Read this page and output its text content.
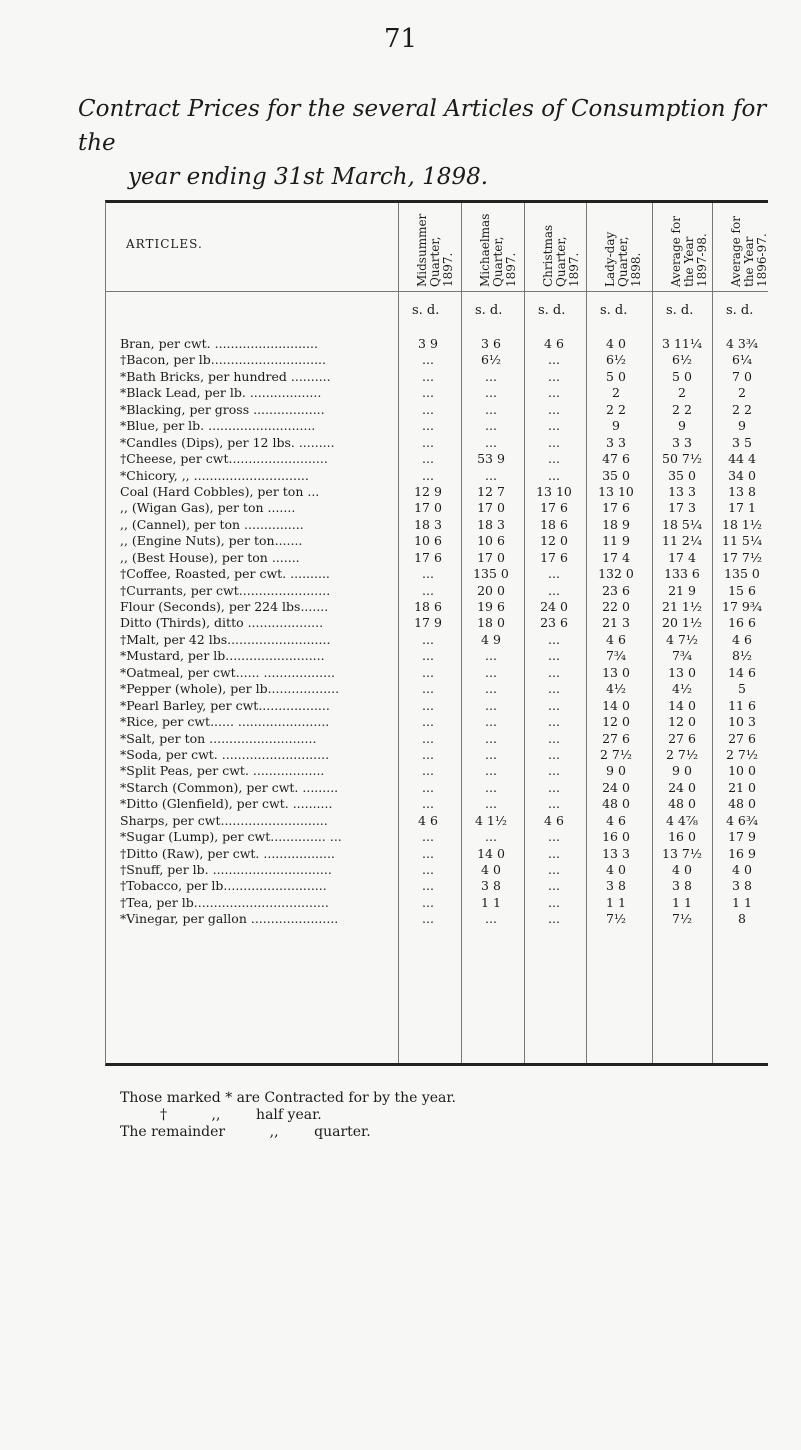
71
Contract Prices for the several Articles of Consumption for the
year ending 31st March, 1898.
ARTICLES.
s. d.	s. d.	s. d.	s. d.	s. d.	s. d.
Bran, per cwt. ..........................	3 9	3 6	4 6	4 0	3 11¼	4 3¾
†Bacon, per lb.............................	...	6½	...	6½	6½	6¼
*Bath Bricks, per hundred ..........	...	...	...	5 0	5 0	7 0
*Black Lead, per lb. ..................	...	...	...	2	2	2
*Blacking, per gross ..................	...	...	...	2 2	2 2	2 2
*Blue, per lb. ...........................	...	...	...	9	9	9
*Candles (Dips), per 12 lbs. .........	...	...	...	3 3	3 3	3 5
†Cheese, per cwt.........................	...	53 9	...	47 6	50 7½	44 4
*Chicory, ,, .............................	...	...	...	35 0	35 0	34 0
Coal (Hard Cobbles), per ton ...	12 9	12 7	13 10	13 10	13 3	13 8
,, (Wigan Gas), per ton .......	17 0	17 0	17 6	17 6	17 3	17 1
,, (Cannel), per ton ...............	18 3	18 3	18 6	18 9	18 5¼	18 1½
,, (Engine Nuts), per ton.......	10 6	10 6	12 0	11 9	11 2¼	11 5¼
,, (Best House), per ton .......	17 6	17 0	17 6	17 4	17 4	17 7½
†Coffee, Roasted, per cwt. ..........	...	135 0	...	132 0	133 6	135 0
†Currants, per cwt.......................	...	20 0	...	23 6	21 9	15 6
Flour (Seconds), per 224 lbs.......	18 6	19 6	24 0	22 0	21 1½	17 9¾
Ditto (Thirds), ditto ...................	17 9	18 0	23 6	21 3	20 1½	16 6
†Malt, per 42 lbs..........................	...	4 9	...	4 6	4 7½	4 6
*Mustard, per lb.........................	...	...	...	7¾	7¾	8½
*Oatmeal, per cwt...... ..................	...	...	...	13 0	13 0	14 6
*Pepper (whole), per lb..................	...	...	...	4½	4½	5
*Pearl Barley, per cwt..................	...	...	...	14 0	14 0	11 6
*Rice, per cwt...... .......................	...	...	...	12 0	12 0	10 3
*Salt, per ton ...........................	...	...	...	27 6	27 6	27 6
*Soda, per cwt. ...........................	...	...	...	2 7½	2 7½	2 7½
*Split Peas, per cwt. ..................	...	...	...	9 0	9 0	10 0
*Starch (Common), per cwt. .........	...	...	...	24 0	24 0	21 0
*Ditto (Glenfield), per cwt. ..........	...	...	...	48 0	48 0	48 0
Sharps, per cwt...........................	4 6	4 1½	4 6	4 6	4 4⅞	4 6¾
*Sugar (Lump), per cwt.............. ...	...	...	...	16 0	16 0	17 9
†Ditto (Raw), per cwt. ..................	...	14 0	...	13 3	13 7½	16 9
†Snuff, per lb. ..............................	...	4 0	...	4 0	4 0	4 0
†Tobacco, per lb..........................	...	3 8	...	3 8	3 8	3 8
†Tea, per lb..................................	...	1 1	...	1 1	1 1	1 1
*Vinegar, per gallon ......................	...	...	...	7½	7½	8
Midsummer Quarter, 1897. Michaelmas Quarter, 1897. Christmas Quarter, 1897. Lady-day Quarter, 1898. Average for the Year 1897-98. Average for the Year 1896-97.
Those marked * are Contracted for by the year.
†          ,,        half year.
The remainder          ,,        quarter.
